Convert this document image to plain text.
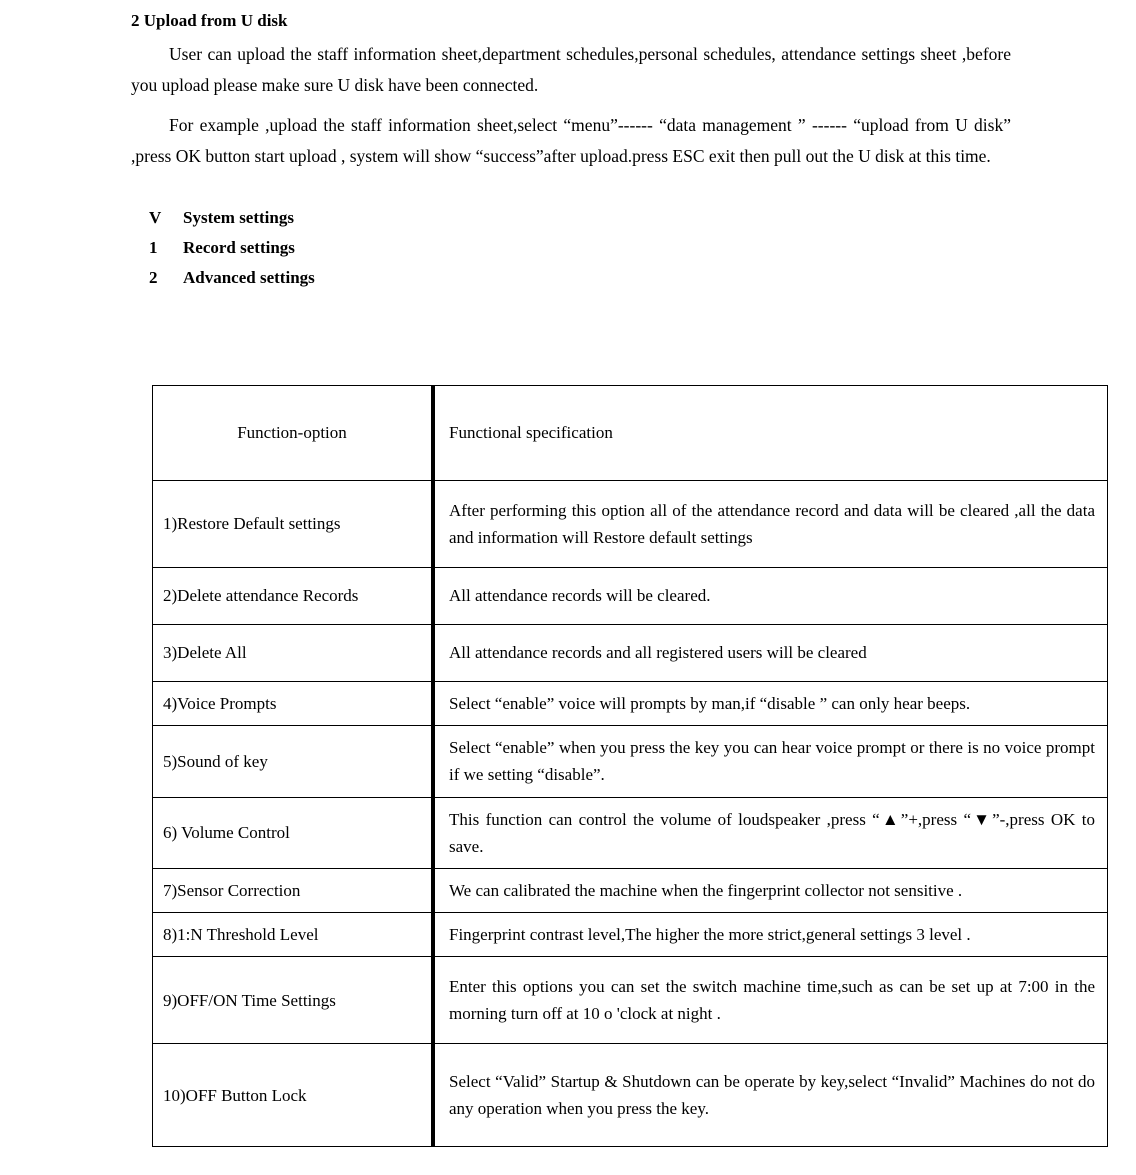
2 Upload from U disk

User can upload the staff information sheet,department schedules,personal schedules, attendance settings sheet ,before you upload please make sure U disk have been connected.

For example ,upload the staff information sheet,select “menu”------ “data management ” ------ “upload from U disk” ,press OK button start upload , system will show “success”after upload.press ESC exit then pull out the U disk at this time.

V	System settings
1	Record settings
2	Advanced settings
Function-option	Functional specification
1)Restore Default settings	After performing this option all of the attendance record and data will be cleared ,all the data and information will Restore default settings
2)Delete attendance Records	All attendance records will be cleared.
3)Delete All	All attendance records and all registered users will be cleared
4)Voice Prompts	Select “enable” voice will prompts by man,if “disable ” can only hear beeps.
5)Sound of key	Select “enable” when you press the key you can hear voice prompt or there is no voice prompt if we setting “disable”.
6) Volume Control	This function can control the volume of loudspeaker ,press “▲”+,press “▼”-,press OK to save.
7)Sensor Correction	We can calibrated the machine when the fingerprint collector not sensitive .
8)1:N Threshold Level	Fingerprint contrast level,The higher the more strict,general settings 3 level .
9)OFF/ON Time Settings	Enter this options you can set the switch machine time,such as can be set up at 7:00 in the morning turn off at 10 o 'clock at night .
10)OFF Button Lock	Select “Valid” Startup & Shutdown can be operate by key,select “Invalid” Machines do not do any operation when you press the key.
